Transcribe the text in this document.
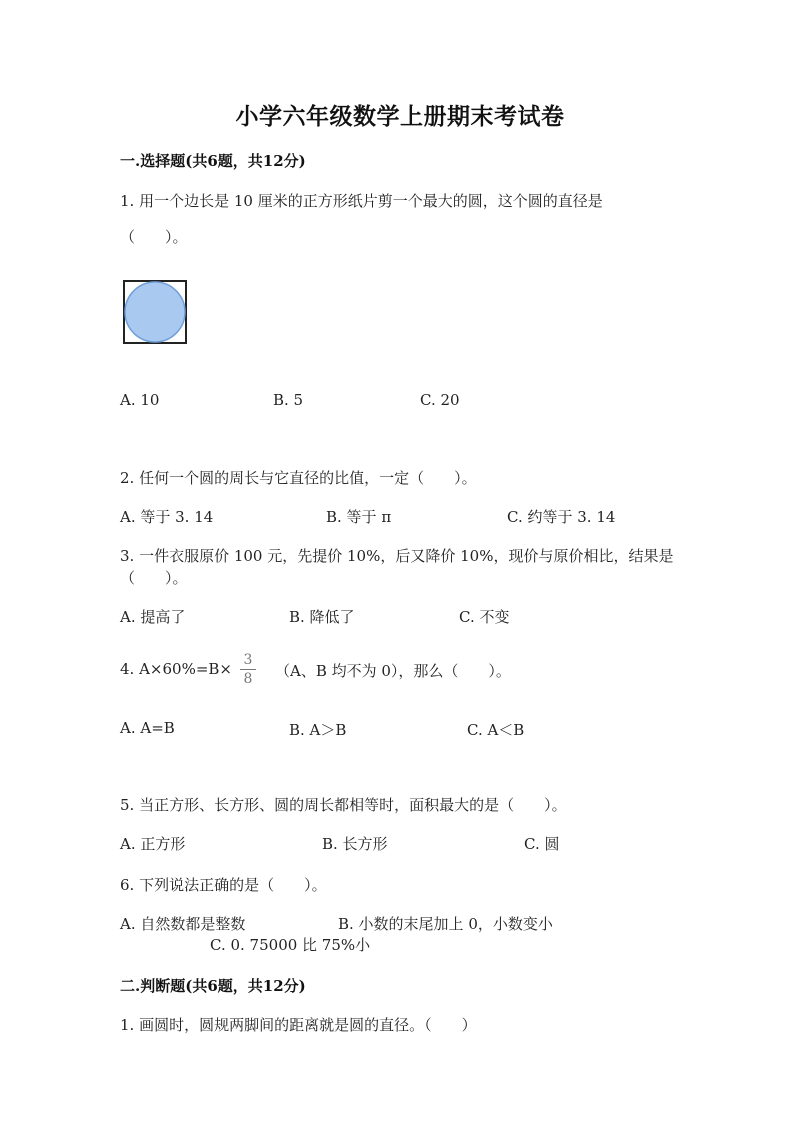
小学六年级数学上册期末考试卷
一.选择题(共6题，共12分)
1. 用一个边长是 10 厘米的正方形纸片剪一个最大的圆，这个圆的直径是
（　　）。
A. 10	B. 5	C. 20
2. 任何一个圆的周长与它直径的比值，一定（　　）。
A. 等于 3. 14	B. 等于 π	C. 约等于 3. 14
3. 一件衣服原价 100 元，先提价 10%，后又降价 10%，现价与原价相比，结果是
（　　）。
A. 提高了	B. 降低了	C. 不变
4. A×60%=B× 3
8	（A、B 均不为 0），那么（　　）。
A. A=B	B. A＞B	C. A＜B
5. 当正方形、长方形、圆的周长都相等时，面积最大的是（　　）。
A. 正方形	B. 长方形	C. 圆
6. 下列说法正确的是（　　）。
A. 自然数都是整数	B. 小数的末尾加上 0，小数变小
C. 0. 75000 比 75%小
二.判断题(共6题，共12分)
1. 画圆时，圆规两脚间的距离就是圆的直径。（　　）
